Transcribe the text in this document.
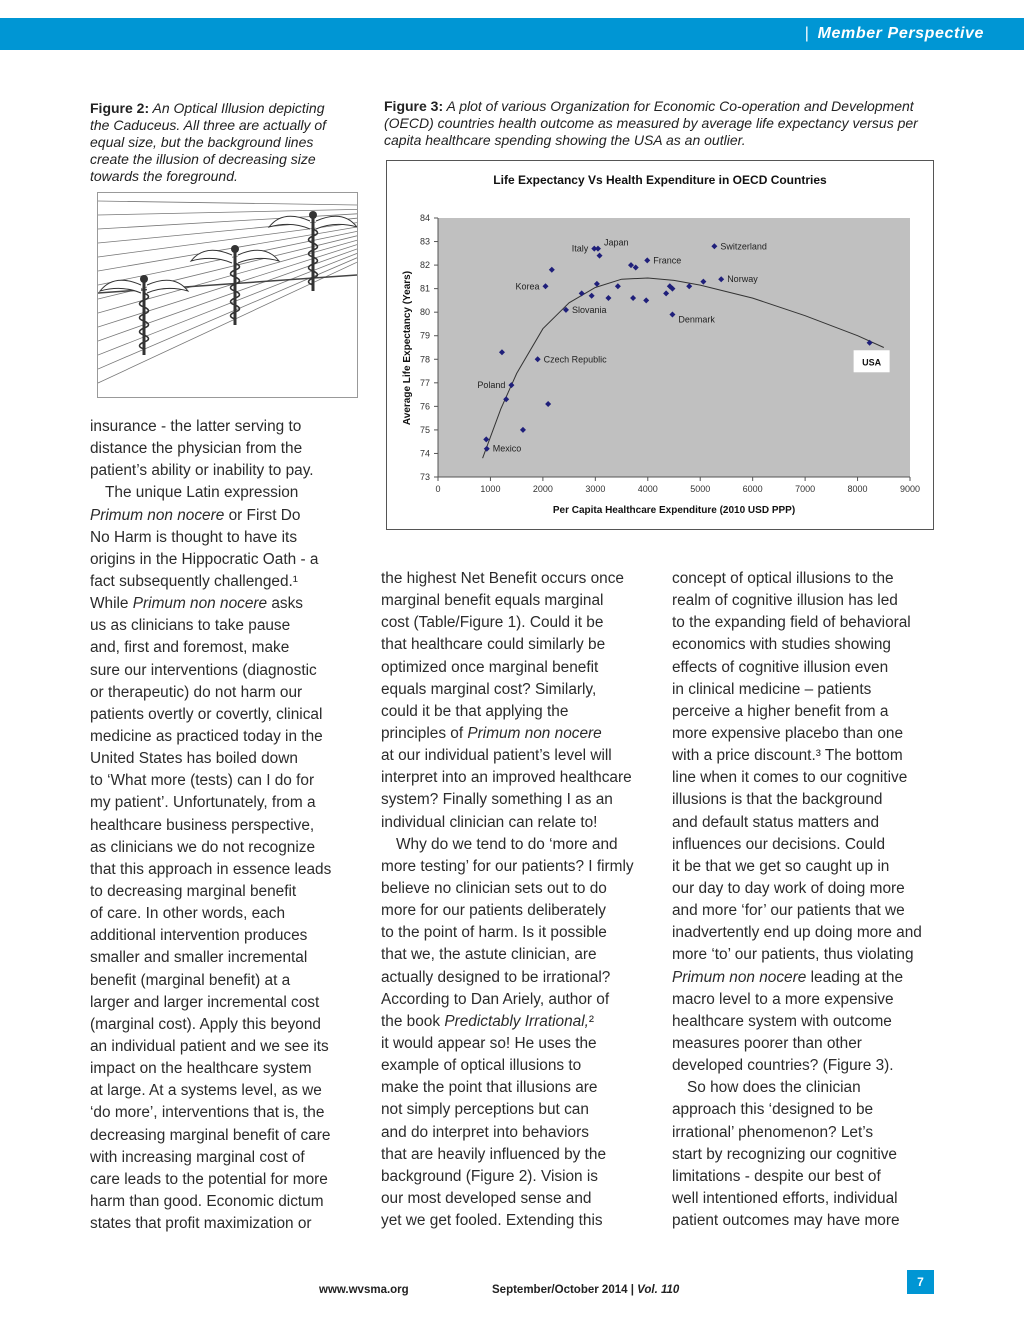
| Member Perspective
Figure 2: An Optical Illusion depicting the Caduceus. All three are actually of equal size, but the background lines create the illusion of decreasing size towards the foreground.
Figure 3: A plot of various Organization for Economic Co-operation and Development (OECD) countries health outcome as measured by average life expectancy versus per capita healthcare spending showing the USA as an outlier.
Life Expectancy Vs Health Expenditure in OECD Countries
Per Capita Healthcare Expenditure (2010 USD PPP)
Average Life Expectancy (Years)
73
74
75
76
77
78
79
80
81
82
83
84
0	1000	2000	3000	4000	5000	6000	7000	8000	9000
Mexico
Poland
Czech Republic
Korea
Slovania
Italy
Japan
France
Denmark
Switzerland
Norway
USA
insurance - the latter serving to
distance the physician from the
patient’s ability or inability to pay.
The unique Latin expression
Primum non nocere or First Do
No Harm is thought to have its
origins in the Hippocratic Oath - a
fact subsequently challenged.¹
While Primum non nocere asks
us as clinicians to take pause
and, first and foremost, make
sure our interventions (diagnostic
or therapeutic) do not harm our
patients overtly or covertly, clinical
medicine as practiced today in the
United States has boiled down
to ‘What more (tests) can I do for
my patient’. Unfortunately, from a
healthcare business perspective,
as clinicians we do not recognize
that this approach in essence leads
to decreasing marginal benefit
of care. In other words, each
additional intervention produces
smaller and smaller incremental
benefit (marginal benefit) at a
larger and larger incremental cost
(marginal cost). Apply this beyond
an individual patient and we see its
impact on the healthcare system
at large. At a systems level, as we
‘do more’, interventions that is, the
decreasing marginal benefit of care
with increasing marginal cost of
care leads to the potential for more
harm than good. Economic dictum
states that profit maximization or
the highest Net Benefit occurs once
marginal benefit equals marginal
cost (Table/Figure 1). Could it be
that healthcare could similarly be
optimized once marginal benefit
equals marginal cost? Similarly,
could it be that applying the
principles of Primum non nocere
at our individual patient’s level will
interpret into an improved healthcare
system? Finally something I as an
individual clinician can relate to!
Why do we tend to do ‘more and
more testing’ for our patients? I firmly
believe no clinician sets out to do
more for our patients deliberately
to the point of harm. Is it possible
that we, the astute clinician, are
actually designed to be irrational?
According to Dan Ariely, author of
the book Predictably Irrational,²
it would appear so! He uses the
example of optical illusions to
make the point that illusions are
not simply perceptions but can
and do interpret into behaviors
that are heavily influenced by the
background (Figure 2). Vision is
our most developed sense and
yet we get fooled. Extending this
concept of optical illusions to the
realm of cognitive illusion has led
to the expanding field of behavioral
economics with studies showing
effects of cognitive illusion even
in clinical medicine – patients
perceive a higher benefit from a
more expensive placebo than one
with a price discount.³ The bottom
line when it comes to our cognitive
illusions is that the background
and default status matters and
influences our decisions. Could
it be that we get so caught up in
our day to day work of doing more
and more ‘for’ our patients that we
inadvertently end up doing more and
more ‘to’ our patients, thus violating
Primum non nocere leading at the
macro level to a more expensive
healthcare system with outcome
measures poorer than other
developed countries? (Figure 3).
So how does the clinician
approach this ‘designed to be
irrational’ phenomenon? Let’s
start by recognizing our cognitive
limitations - despite our best of
well intentioned efforts, individual
patient outcomes may have more
www.wvsma.org	September/October 2014 | Vol. 110
7
